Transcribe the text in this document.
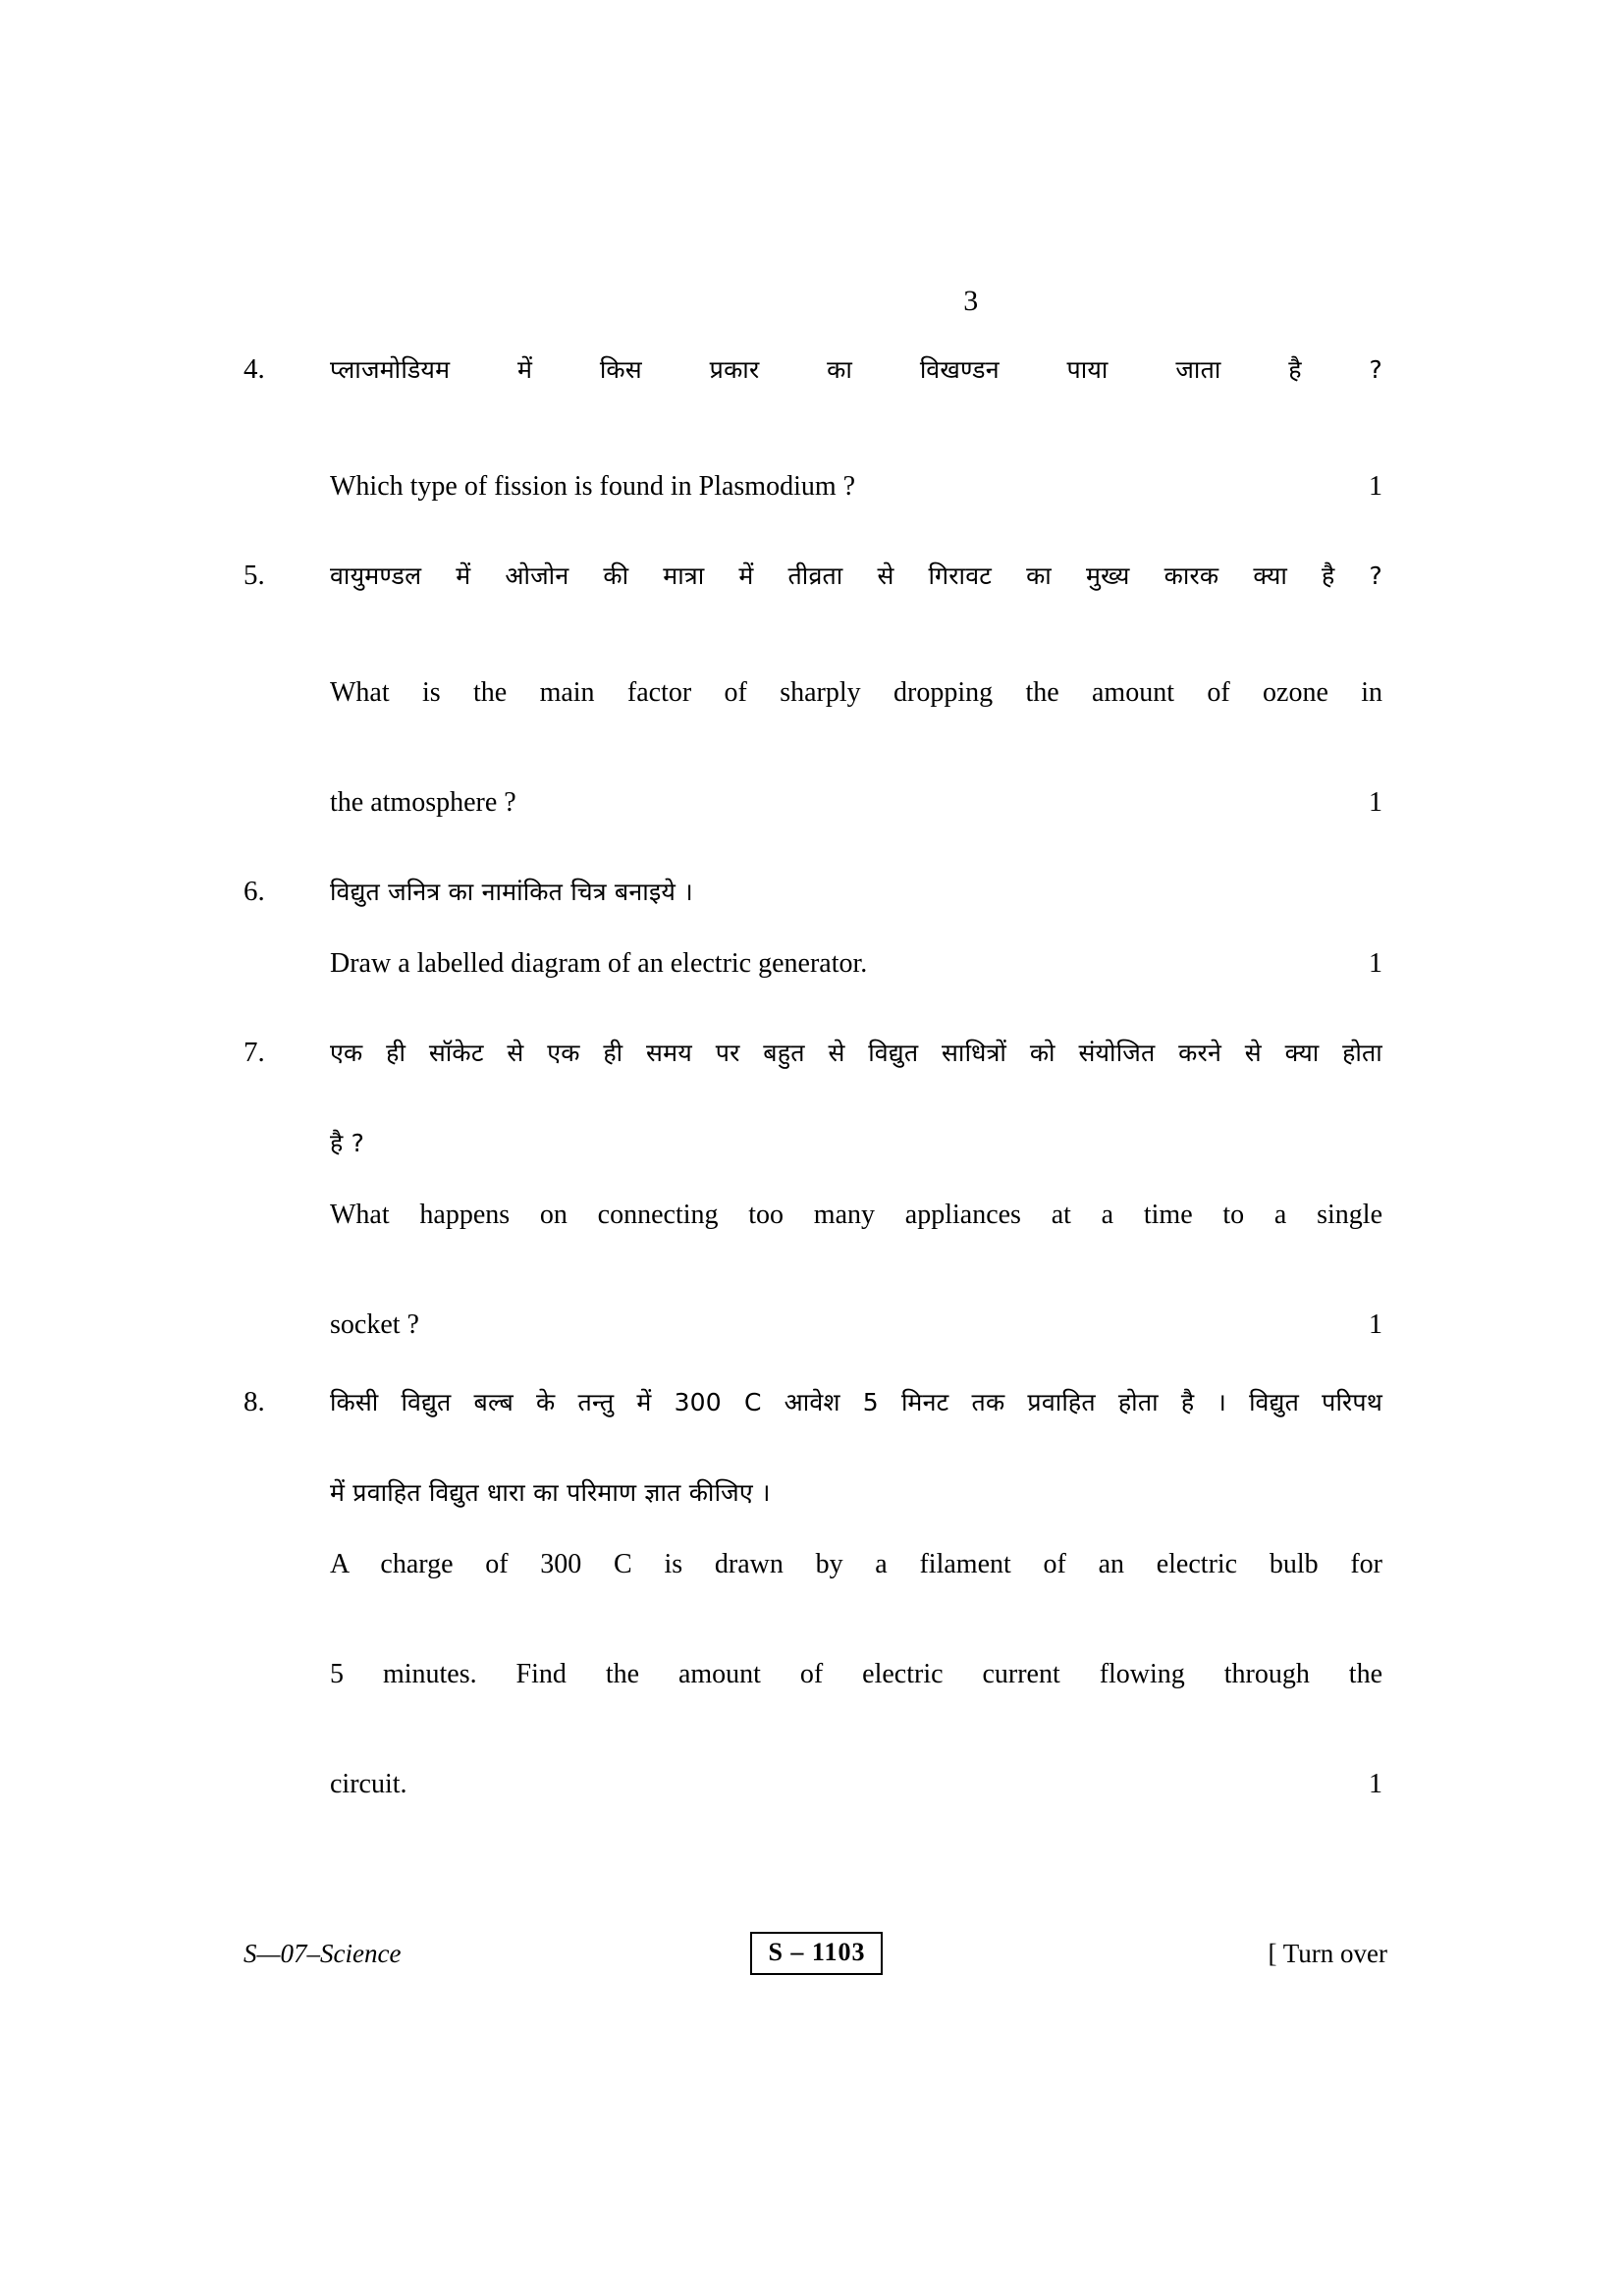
3
4.	प्लाजमोडियम में किस प्रकार का विखण्डन पाया जाता है ?

Which type of fission is found in Plasmodium ?	1
5.	वायुमण्डल में ओजोन की मात्रा में तीव्रता से गिरावट का मुख्य कारक क्या है ?

What is the main factor of sharply dropping the amount of ozone in

the atmosphere ?	1
6.	विद्युत जनित्र का नामांकित चित्र बनाइये ।

Draw a labelled diagram of an electric generator.	1
7.	एक ही सॉकेट से एक ही समय पर बहुत से विद्युत साधित्रों को संयोजित करने से क्या होता

है ?

What happens on connecting too many appliances at a time to a single

socket ?	1
8.	किसी विद्युत बल्ब के तन्तु में 300 C आवेश 5 मिनट तक प्रवाहित होता है । विद्युत परिपथ

में प्रवाहित विद्युत धारा का परिमाण ज्ञात कीजिए ।

A charge of 300 C is drawn by a filament of an electric bulb for

5 minutes. Find the amount of electric current flowing through the

circuit.	1
S—07–Science	S – 1103	[ Turn over
